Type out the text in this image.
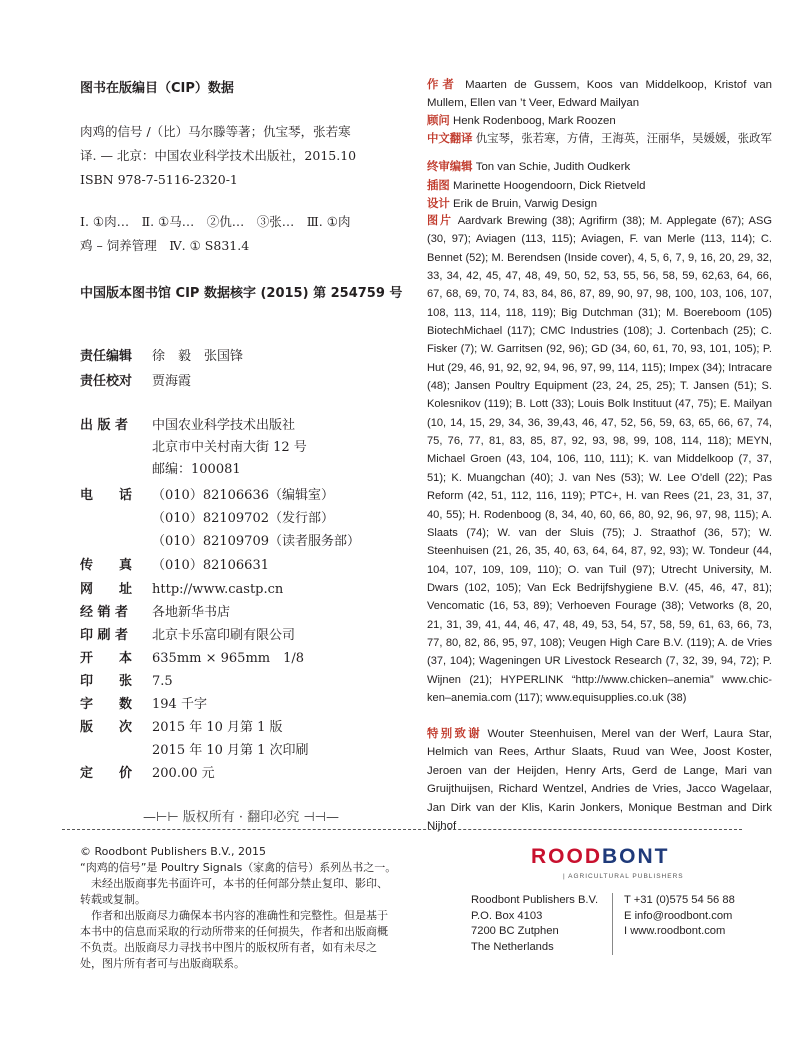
图书在版编目（CIP）数据
肉鸡的信号 /（比）马尔滕等著；仇宝琴，张若寒
译. — 北京：中国农业科学技术出版社，2015.10
ISBN 978-7-5116-2320-1
Ⅰ. ①肉…　Ⅱ. ①马…　②仇…　③张…　Ⅲ. ①肉
鸡 – 饲养管理　Ⅳ. ① S831.4
中国版本图书馆 CIP 数据核字 (2015) 第 254759 号
责任编辑 徐　毅　张国锋
责任校对 贾海霞
出 版 者 中国农业科学技术出版社
北京市中关村南大街 12 号
邮编：100081
电　　话 （010）82106636（编辑室）
（010）82109702（发行部）
（010）82109709（读者服务部）
传　　真 （010）82106631
网　　址 http://www.castp.cn
经 销 者 各地新华书店
印 刷 者 北京卡乐富印刷有限公司
开　　本 635mm × 965mm　1/8
印　　张 7.5
字　　数 194 千字
版　　次 2015 年 10 月第 1 版
2015 年 10 月第 1 次印刷
定　　价 200.00 元
—⊢⊢ 版权所有 · 翻印必究 ⊣⊣—
© Roodbont Publishers B.V., 2015
“肉鸡的信号”是 Poultry Signals（家禽的信号）系列丛书之一。
未经出版商事先书面许可，本书的任何部分禁止复印、影印、转载或复制。
作者和出版商尽力确保本书内容的准确性和完整性。但是基于本书中的信息而采取的行动所带来的任何损失，作者和出版商概不负责。出版商尽力寻找书中图片的版权所有者，如有未尽之处，图片所有者可与出版商联系。
作者 Maarten de Gussem, Koos van Middelkoop, Kristof van Mullem, Ellen van ’t Veer, Edward Mailyan
顾问 Henk Rodenboog, Mark Roozen
中文翻译 仇宝琴，张若寒，方倩，王海英，汪丽华，吴媛媛，张政军
终审编辑 Ton van Schie, Judith Oudkerk
插图 Marinette Hoogendoorn, Dick Rietveld
设计 Erik de Bruin, Varwig Design
图片 Aardvark Brewing (38); Agrifirm (38); M. Applegate (67); ASG (30, 97); Aviagen (113, 115); Aviagen, F. van Merle (113, 114); C. Bennet (52); M. Berendsen (Inside cover), 4, 5, 6, 7, 9, 16, 20, 29, 32, 33, 34, 42, 45, 47, 48, 49, 50, 52, 53, 55, 56, 58, 59, 62,63, 64, 66, 67, 68, 69, 70, 74, 83, 84, 86, 87, 89, 90, 97, 98, 100, 103, 106, 107, 108, 113, 114, 118, 119); Big Dutchman (31); M. Boereboom (105) BiotechMichael (117); CMC Industries (108); J. Cortenbach (25); C. Fisker (7); W. Garritsen (92, 96); GD (34, 60, 61, 70, 93, 101, 105); P. Hut (29, 46, 91, 92, 92, 94, 96, 97, 99, 114, 115); Impex (34); Intracare (48); Jansen Poultry Equipment (23, 24, 25, 25); T. Jansen (51); S. Kolesnikov (119); B. Lott (33); Louis Bolk Instituut (47, 75); E. Mailyan (10, 14, 15, 29, 34, 36, 39,43, 46, 47, 52, 56, 59, 63, 65, 66, 67, 74, 75, 76, 77, 81, 83, 85, 87, 92, 93, 98, 99, 108, 114, 118); MEYN, Michael Groen (43, 104, 106, 110, 111); K. van Middelkoop (7, 37, 51); K. Muangchan (40); J. van Nes (53); W. Lee O’dell (22); Pas Reform (42, 51, 112, 116, 119); PTC+, H. van Rees (21, 23, 31, 37, 40, 55); H. Rodenboog (8, 34, 40, 60, 66, 80, 92, 96, 97, 98, 115); A. Slaats (74); W. van der Sluis (75); J. Straathof (36, 57); W. Steenhuisen (21, 26, 35, 40, 63, 64, 64, 87, 92, 93); W. Tondeur (44, 104, 107, 109, 109, 110); O. van Tuil (97); Utrecht University, M. Dwars (102, 105); Van Eck Bedrijfshygiene B.V. (45, 46, 47, 81); Vencomatic (16, 53, 89); Verhoeven Fourage (38); Vetworks (8, 20, 21, 31, 39, 41, 44, 46, 47, 48, 49, 53, 54, 57, 58, 59, 61, 63, 66, 73, 77, 80, 82, 86, 95, 97, 108); Veugen High Care B.V. (119); A. de Vries (37, 104); Wageningen UR Livestock Research (7, 32, 39, 94, 72); P. Wijnen (21); HYPERLINK “http://www.chicken–anemia” www.chic-ken–anemia.com (117); www.equisupplies.co.uk (38)
特别致谢 Wouter Steenhuisen, Merel van der Werf, Laura Star, Helmich van Rees, Arthur Slaats, Ruud van Wee, Joost Koster, Jeroen van der Heijden, Henry Arts, Gerd de Lange, Mari van Gruijthuijsen, Richard Wentzel, Andries de Vries, Jacco Wagelaar, Jan Dirk van der Klis, Karin Jonkers, Monique Bestman and Dirk Nijhof
ROODBONT
| AGRICULTURAL PUBLISHERS
Roodbont Publishers B.V.
P.O. Box 4103
7200 BC Zutphen
The Netherlands
T +31 (0)575 54 56 88
E info@roodbont.com
I www.roodbont.com
